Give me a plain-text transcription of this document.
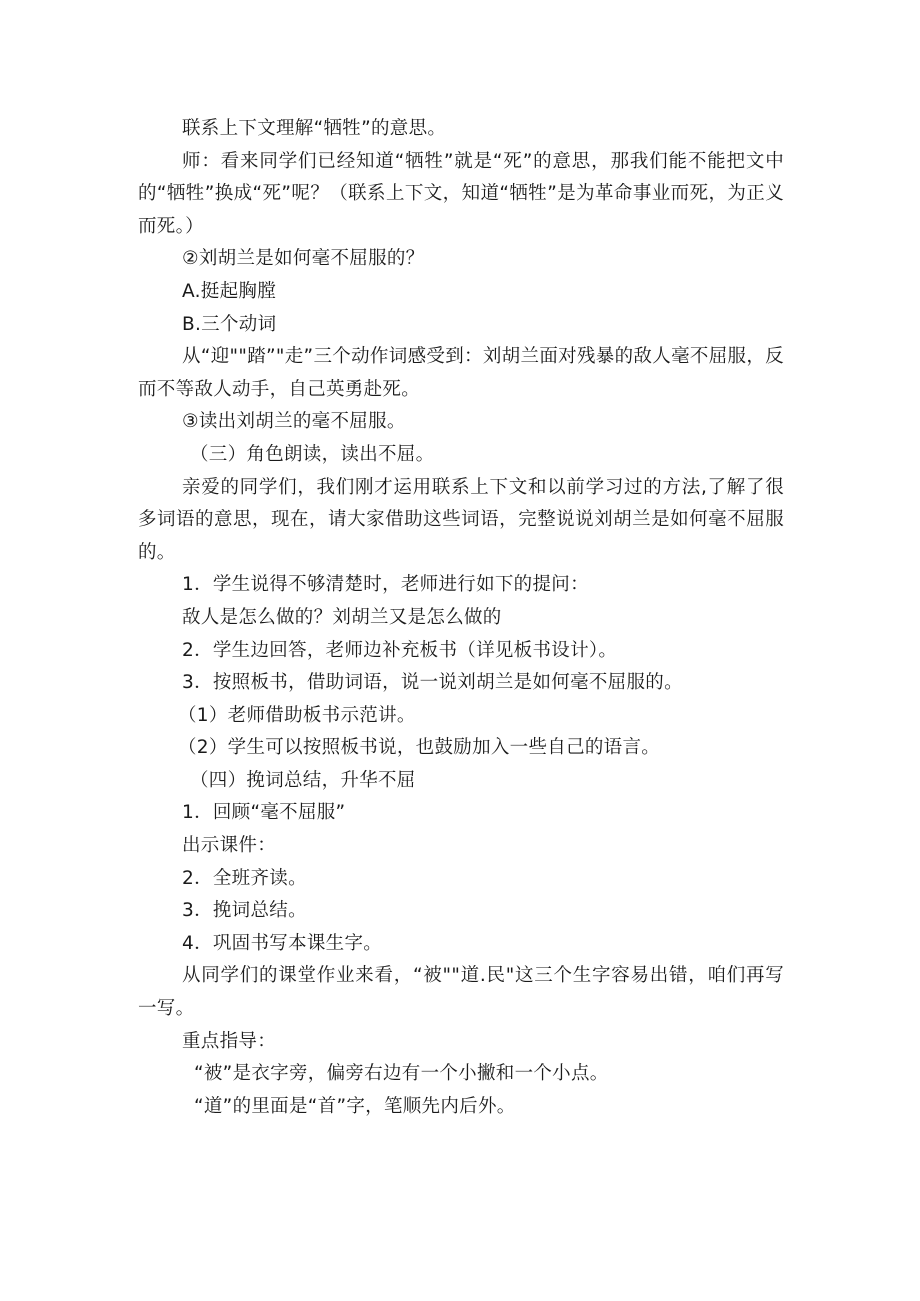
联系上下文理解“牺牲”的意思。

师：看来同学们已经知道“牺牲”就是“死”的意思，那我们能不能把文中的“牺牲”换成“死”呢？（联系上下文，知道“牺牲”是为革命事业而死，为正义而死。）

②刘胡兰是如何毫不屈服的？

A.挺起胸膛

B.三个动词

从“迎""踏”"走”三个动作词感受到：刘胡兰面对残暴的敌人毫不屈服，反而不等敌人动手，自己英勇赴死。

③读出刘胡兰的毫不屈服。

（三）角色朗读，读出不屈。

亲爱的同学们，我们刚才运用联系上下文和以前学习过的方法,了解了很多词语的意思，现在，请大家借助这些词语，完整说说刘胡兰是如何毫不屈服的。

1．学生说得不够清楚时，老师进行如下的提问：

敌人是怎么做的？刘胡兰又是怎么做的

2．学生边回答，老师边补充板书（详见板书设计）。

3．按照板书，借助词语，说一说刘胡兰是如何毫不屈服的。

（1）老师借助板书示范讲。

（2）学生可以按照板书说，也鼓励加入一些自己的语言。

（四）挽词总结，升华不屈

1．回顾“毫不屈服”

出示课件：

2．全班齐读。

3．挽词总结。

4．巩固书写本课生字。

从同学们的课堂作业来看，“被""道.民"这三个生字容易出错，咱们再写一写。

重点指导：

“被”是衣字旁，偏旁右边有一个小撇和一个小点。

“道”的里面是“首”字，笔顺先内后外。
